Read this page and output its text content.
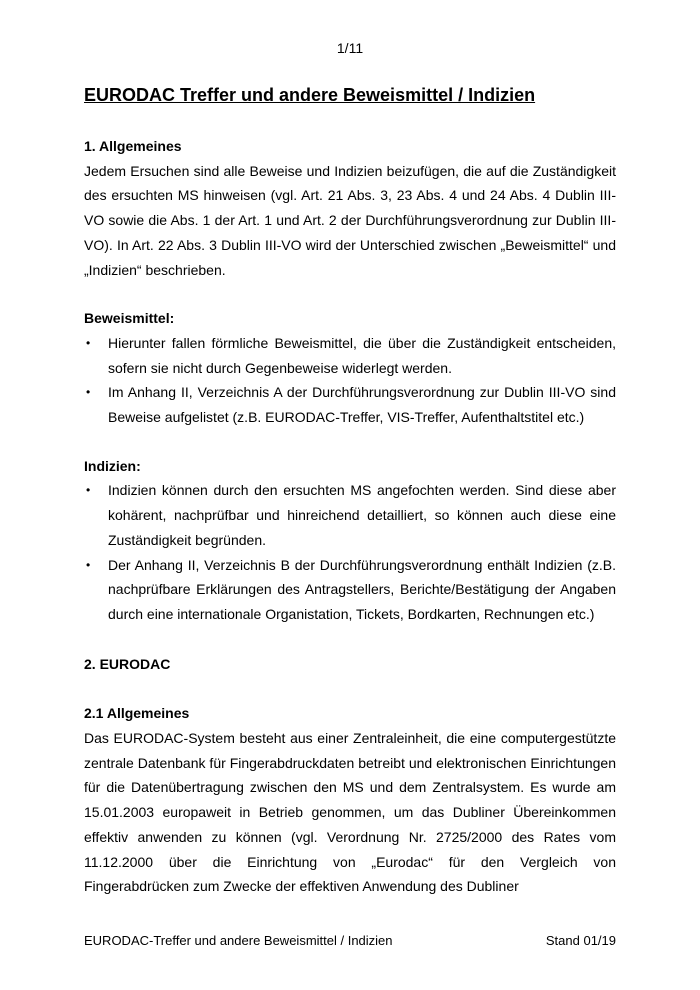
1/11
EURODAC Treffer und andere Beweismittel / Indizien
1. Allgemeines

Jedem Ersuchen sind alle Beweise und Indizien beizufügen, die auf die Zuständigkeit des ersuchten MS hinweisen (vgl. Art. 21 Abs. 3, 23 Abs. 4 und 24 Abs. 4 Dublin III-VO sowie die Abs. 1 der Art. 1 und Art. 2 der Durchführungsverordnung zur Dublin III-VO). In Art. 22 Abs. 3 Dublin III-VO wird der Unterschied zwischen „Beweismittel“ und „Indizien“ beschrieben.

Beweismittel:
• Hierunter fallen förmliche Beweismittel, die über die Zuständigkeit entscheiden, sofern sie nicht durch Gegenbeweise widerlegt werden.
• Im Anhang II, Verzeichnis A der Durchführungsverordnung zur Dublin III-VO sind Beweise aufgelistet (z.B. EURODAC-Treffer, VIS-Treffer, Aufenthaltstitel etc.)
Indizien:
• Indizien können durch den ersuchten MS angefochten werden. Sind diese aber kohärent, nachprüfbar und hinreichend detailliert, so können auch diese eine Zuständigkeit begründen.
• Der Anhang II, Verzeichnis B der Durchführungsverordnung enthält Indizien (z.B. nachprüfbare Erklärungen des Antragstellers, Berichte/Bestätigung der Angaben durch eine internationale Organistation, Tickets, Bordkarten, Rechnungen etc.)
2. EURODAC
2.1 Allgemeines

Das EURODAC-System besteht aus einer Zentraleinheit, die eine computergestützte zentrale Datenbank für Fingerabdruckdaten betreibt und elektronischen Einrichtungen für die Datenübertragung zwischen den MS und dem Zentralsystem. Es wurde am 15.01.2003 europaweit in Betrieb genommen, um das Dubliner Übereinkommen effektiv anwenden zu können (vgl. Verordnung Nr. 2725/2000 des Rates vom 11.12.2000 über die Einrichtung von „Eurodac“ für den Vergleich von Fingerabdrücken zum Zwecke der effektiven Anwendung des Dubliner

EURODAC-Treffer und andere Beweismittel / Indizien	Stand 01/19
